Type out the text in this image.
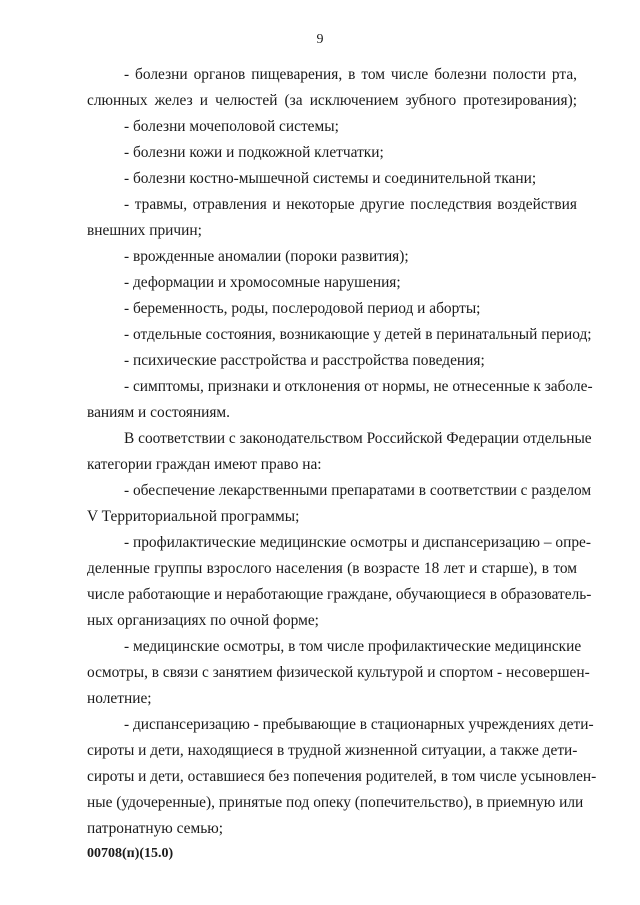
9
- болезни органов пищеварения, в том числе болезни полости рта,
слюнных желез и челюстей (за исключением зубного протезирования);
- болезни мочеполовой системы;
- болезни кожи и подкожной клетчатки;
- болезни костно-мышечной системы и соединительной ткани;
- травмы, отравления и некоторые другие последствия воздействия
внешних причин;
- врожденные аномалии (пороки развития);
- деформации и хромосомные нарушения;
- беременность, роды, послеродовой период и аборты;
- отдельные состояния, возникающие у детей в перинатальный период;
- психические расстройства и расстройства поведения;
- симптомы, признаки и отклонения от нормы, не отнесенные к заболе-
ваниям и состояниям.
В соответствии с законодательством Российской Федерации отдельные
категории граждан имеют право на:
- обеспечение лекарственными препаратами в соответствии с разделом
V Территориальной программы;
- профилактические медицинские осмотры и диспансеризацию – опре-
деленные группы взрослого населения (в возрасте 18 лет и старше), в том
числе работающие и неработающие граждане, обучающиеся в образователь-
ных организациях по очной форме;
- медицинские осмотры, в том числе профилактические медицинские
осмотры, в связи с занятием физической культурой и спортом - несовершен-
нолетние;
- диспансеризацию - пребывающие в стационарных учреждениях дети-
сироты и дети, находящиеся в трудной жизненной ситуации, а также дети-
сироты и дети, оставшиеся без попечения родителей, в том числе усыновлен-
ные (удочеренные), принятые под опеку (попечительство), в приемную или
патронатную семью;
00708(п)(15.0)
